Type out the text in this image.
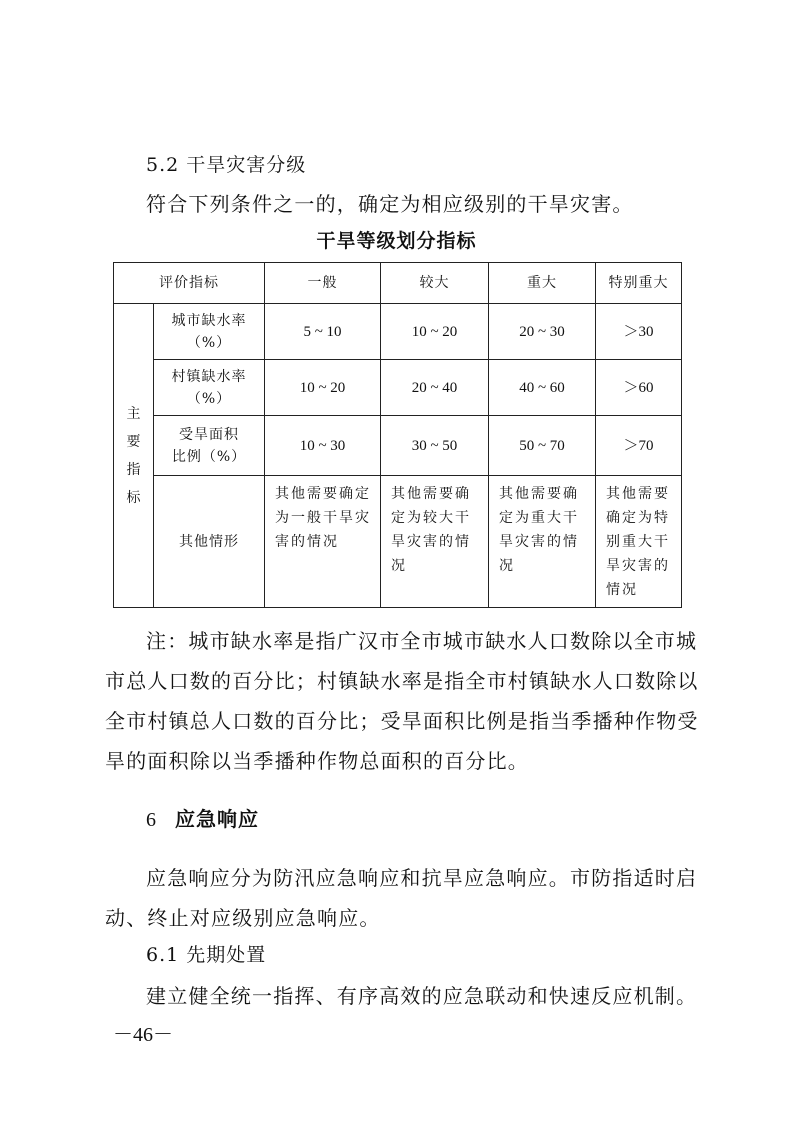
5.2 干旱灾害分级
符合下列条件之一的，确定为相应级别的干旱灾害。
干旱等级划分指标
评价指标		一般	较大	重大	特别重大

主
要
指
标	城市缺水率
（%）	5 ~ 10	10 ~ 20	20 ~ 30	＞30
	村镇缺水率
（%）	10 ~ 20	20 ~ 40	40 ~ 60	＞60
	受旱面积
比例（%）	10 ~ 30	30 ~ 50	50 ~ 70	＞70
	其他情形	其他需要确定为一般干旱灾害的情况	其他需要确定为较大干旱灾害的情况	其他需要确定为重大干旱灾害的情况	其他需要确定为特别重大干旱灾害的情况
注：城市缺水率是指广汉市全市城市缺水人口数除以全市城
市总人口数的百分比；村镇缺水率是指全市村镇缺水人口数除以
全市村镇总人口数的百分比；受旱面积比例是指当季播种作物受
旱的面积除以当季播种作物总面积的百分比。
6 应急响应
应急响应分为防汛应急响应和抗旱应急响应。市防指适时启
动、终止对应级别应急响应。
6.1 先期处置
建立健全统一指挥、有序高效的应急联动和快速反应机制。
－46－
